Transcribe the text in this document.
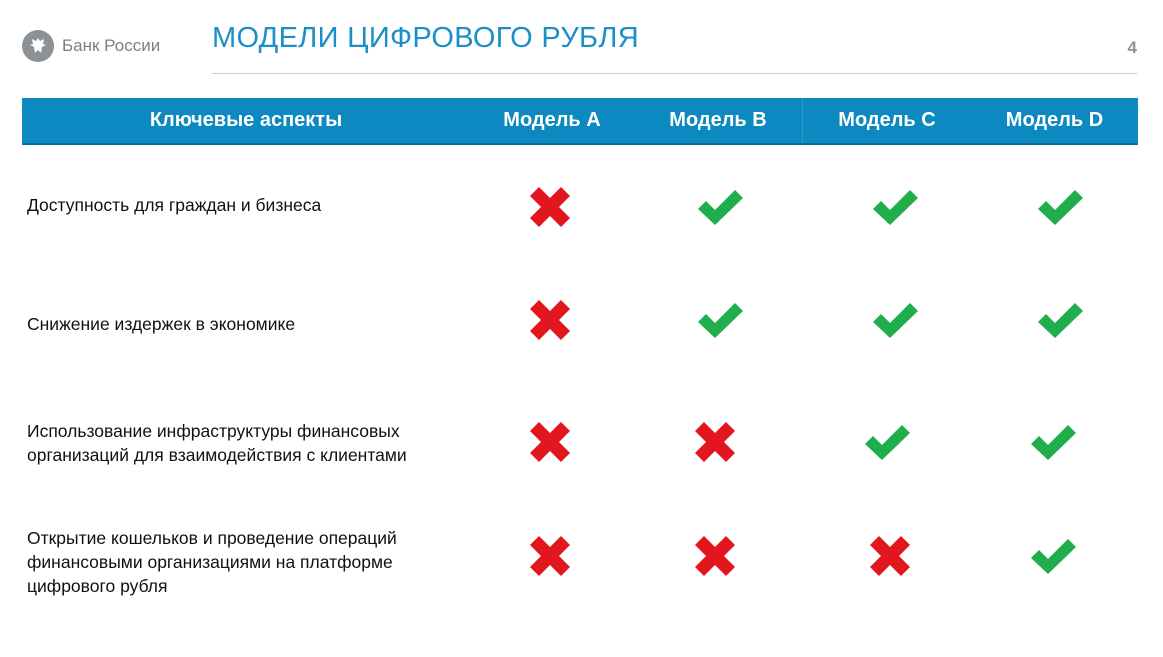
Банк России МОДЕЛИ ЦИФРОВОГО РУБЛЯ	4
Ключевые аспекты	Модель A	Модель B	Модель C	Модель D
Доступность для граждан и бизнеса
Снижение издержек в экономике
Использование инфраструктуры финансовых
организаций для взаимодействия с клиентами
Открытие кошельков и проведение операций
финансовыми организациями на платформе
цифрового рубля
